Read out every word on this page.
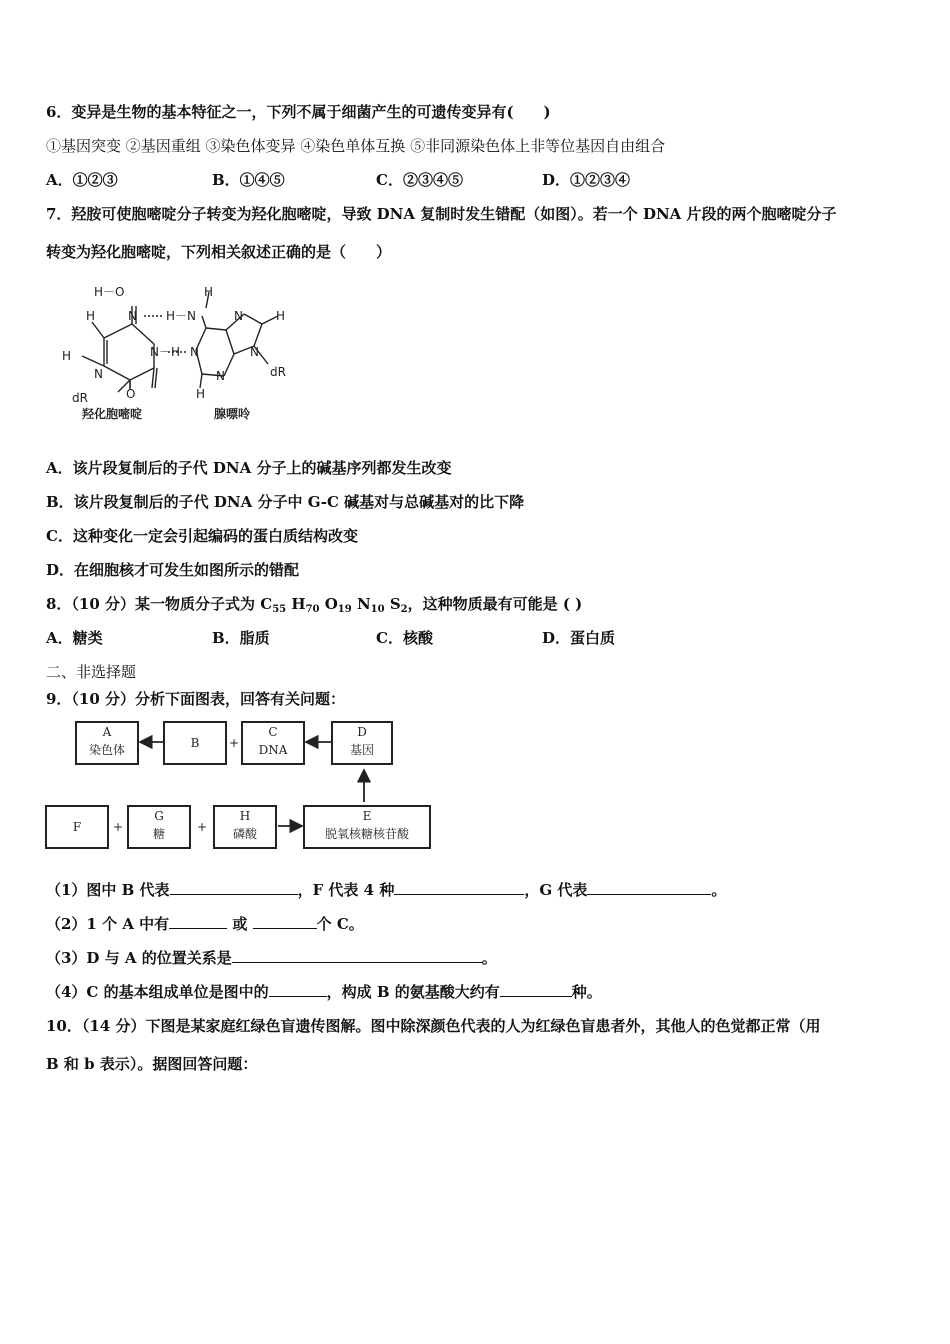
6．变异是生物的基本特征之一，下列不属于细菌产生的可遗传变异有(　　)
①基因突变 ②基因重组 ③染色体变异 ④染色单体互换 ⑤非同源染色体上非等位基因自由组合
A．①②③	B．①④⑤	C．②③④⑤	D．①②③④
7．羟胺可使胞嘧啶分子转变为羟化胞嘧啶，导致 DNA 复制时发生错配（如图）。若一个 DNA 片段的两个胞嘧啶分子
转变为羟化胞嘧啶，下列相关叙述正确的是（　　）
H－O
N H－N
H
N	H
H
H	N－H N	N
N	N
O
dR
dR
H
羟化胞嘧啶	腺嘌呤
A．该片段复制后的子代 DNA 分子上的碱基序列都发生改变
B．该片段复制后的子代 DNA 分子中 G-C 碱基对与总碱基对的比下降
C．这种变化一定会引起编码的蛋白质结构改变
D．在细胞核才可发生如图所示的错配
8．（10 分）某一物质分子式为 $C_{55}$ $H_{70}$ $O_{19}$ $N_{10}$ $S_2$，这种物质最有可能是 ( )
A．糖类	B．脂质	C．核酸	D．蛋白质
二、非选择题
9．（10 分）分析下面图表，回答有关问题：
A
染色体	B +
C
DNA
D
基因
F	+
G
糖	+
H
磷酸
E
脱氧核糖核苷酸
（1）图中 B 代表	，F 代表 4 种	，G 代表	。
（2）1 个 A 中有	或	个 C。
（3）D 与 A 的位置关系是	。
（4）C 的基本组成单位是图中的	，构成 B 的氨基酸大约有	种。
10．（14 分）下图是某家庭红绿色盲遗传图解。图中除深颜色代表的人为红绿色盲患者外，其他人的色觉都正常（用
B 和 b 表示）。据图回答问题：
